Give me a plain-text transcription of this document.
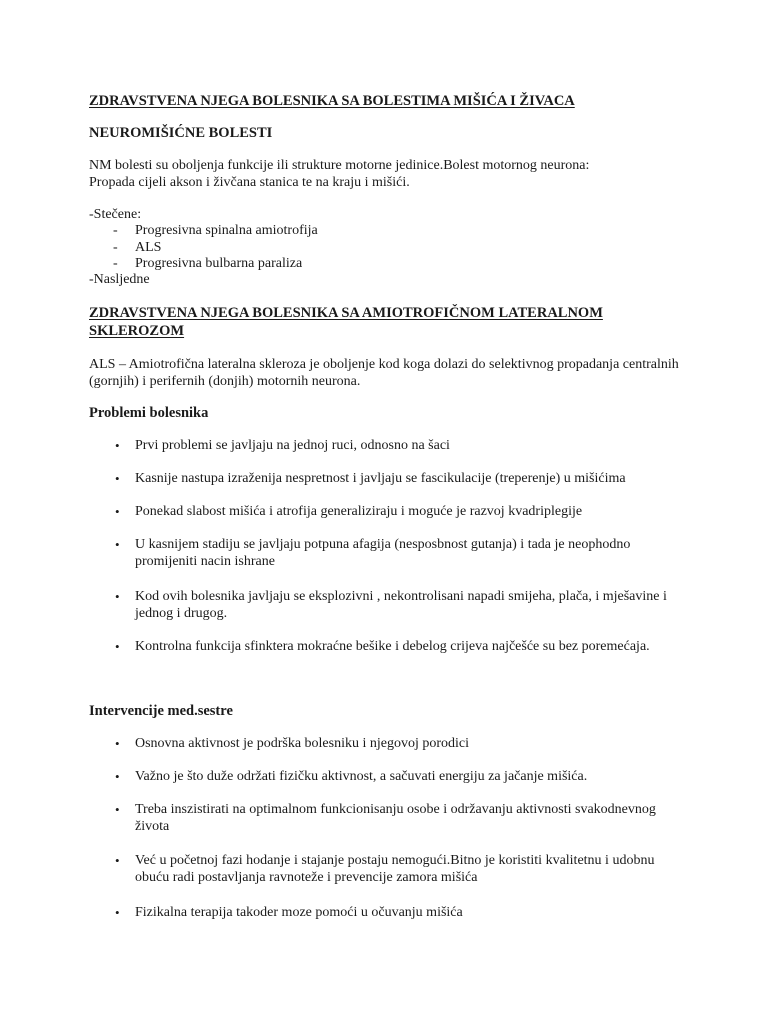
ZDRAVSTVENA NJEGA BOLESNIKA SA BOLESTIMA MIŠIĆA I ŽIVACA

NEUROMIŠIĆNE BOLESTI

NM bolesti su oboljenja funkcije ili strukture motorne jedinice.Bolest motornog neurona:

Propada cijeli akson i živčana stanica te na kraju i mišići.

-Stečene:

- Progresivna spinalna amiotrofija
- ALS
- Progresivna bulbarna paraliza

-Nasljedne

ZDRAVSTVENA NJEGA BOLESNIKA SA AMIOTROFIČNOM LATERALNOM

SKLEROZOM

ALS – Amiotrofična lateralna skleroza je oboljenje kod koga dolazi do selektivnog propadanja centralnih

(gornjih) i perifernih (donjih) motornih neurona.

Problemi bolesnika

• Prvi problemi se javljaju na jednoj ruci, odnosno na šaci
• Kasnije nastupa izraženija nespretnost i javljaju se fascikulacije (treperenje) u mišićima
• Ponekad slabost mišića i atrofija generaliziraju i moguće je razvoj kvadriplegije
• U kasnijem stadiju se javljaju potpuna afagija (nesposbnost gutanja) i tada je neophodno
promijeniti nacin ishrane
• Kod ovih bolesnika javljaju se eksplozivni , nekontrolisani napadi smijeha, plača, i mješavine i
jednog i drugog.
• Kontrolna funkcija sfinktera mokraćne bešike i debelog crijeva najčešće su bez poremećaja.

Intervencije med.sestre

• Osnovna aktivnost je podrška bolesniku i njegovoj porodici
• Važno je što duže održati fizičku aktivnost, a sačuvati energiju za jačanje mišića.
• Treba inszistirati na optimalnom funkcionisanju osobe i održavanju aktivnosti svakodnevnog
života
• Već u početnoj fazi hodanje i stajanje postaju nemogući.Bitno je koristiti kvalitetnu i udobnu
obuću radi postavljanja ravnoteže i prevencije zamora mišića
• Fizikalna terapija takoder moze pomoći u očuvanju mišića
